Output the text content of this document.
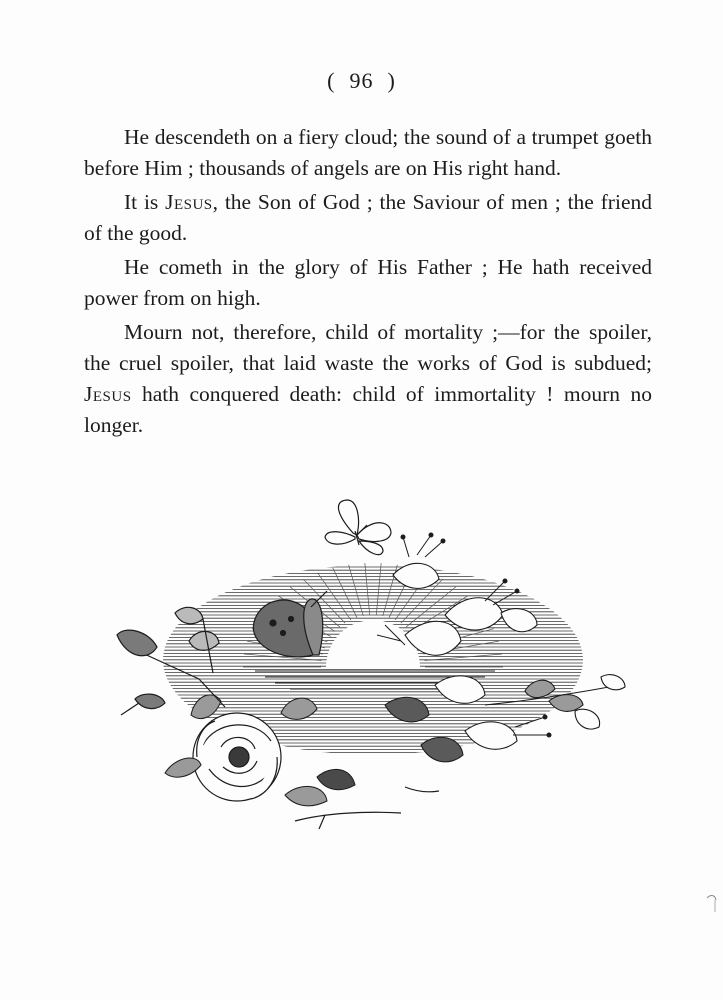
( 96 )

He descendeth on a fiery cloud; the sound of a trumpet goeth before Him ; thousands of angels are on His right hand.

It is Jesus, the Son of God ; the Saviour of men ; the friend of the good.

He cometh in the glory of His Father ; He hath received power from on high.

Mourn not, therefore, child of mortality ;—for the spoiler, the cruel spoiler, that laid waste the works of God is subdued; Jesus hath conquered death: child of immortality ! mourn no longer.
